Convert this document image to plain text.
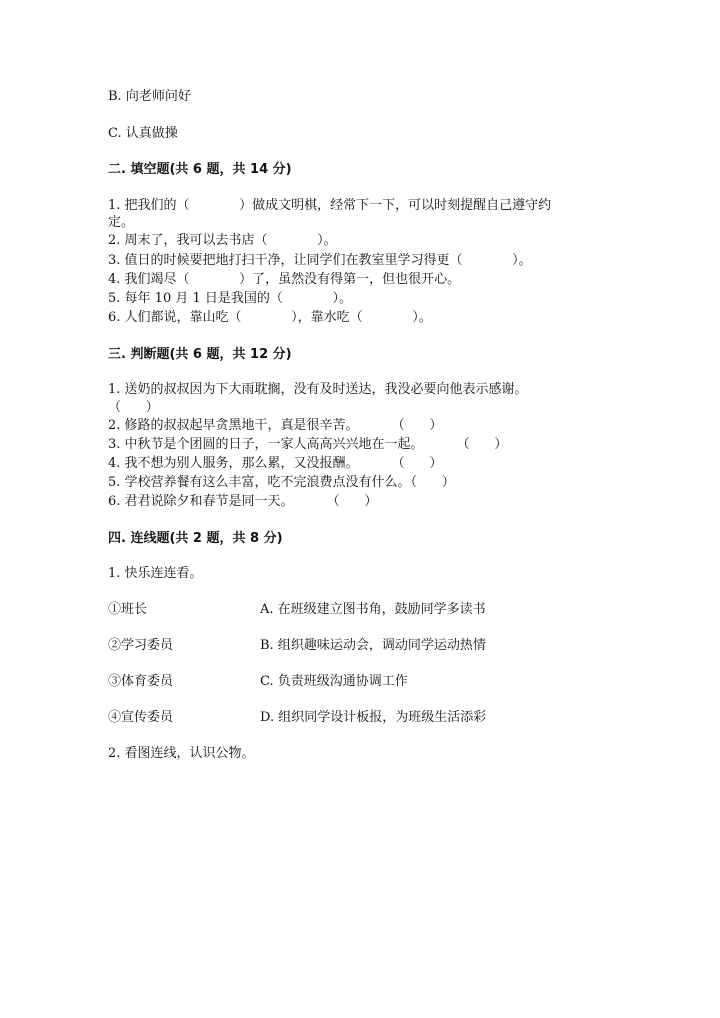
B. 向老师问好
C. 认真做操
二. 填空题(共 6 题，共 14 分)
1. 把我们的（            ）做成文明棋，经常下一下，可以时刻提醒自己遵守约
定。
2. 周末了，我可以去书店（            ）。
3. 值日的时候要把地打扫干净，让同学们在教室里学习得更（            ）。
4. 我们竭尽（            ）了，虽然没有得第一，但也很开心。
5. 每年 10 月 1 日是我国的（            ）。
6. 人们都说，靠山吃（            ），靠水吃（            ）。
三. 判断题(共 6 题，共 12 分)
1. 送奶的叔叔因为下大雨耽搁，没有及时送达，我没必要向他表示感谢。
（      ）
2. 修路的叔叔起早贪黑地干，真是很辛苦。        （      ）
3. 中秋节是个团圆的日子，一家人高高兴兴地在一起。        （      ）
4. 我不想为别人服务，那么累，又没报酬。        （      ）
5. 学校营养餐有这么丰富，吃不完浪费点没有什么。（      ）
6. 君君说除夕和春节是同一天。        （      ）
四. 连线题(共 2 题，共 8 分)
1. 快乐连连看。
①班长	A. 在班级建立图书角，鼓励同学多读书
②学习委员	B. 组织趣味运动会，调动同学运动热情
③体育委员	C. 负责班级沟通协调工作
④宣传委员	D. 组织同学设计板报，为班级生活添彩
2. 看图连线，认识公物。
